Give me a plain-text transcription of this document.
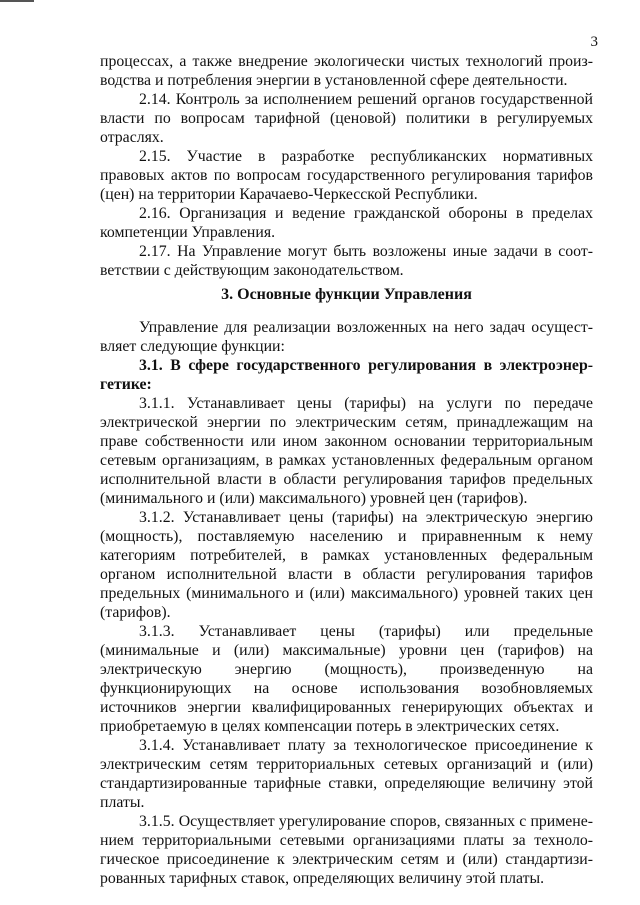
3

процессах, а также внедрение экологически чистых технологий производства и потребления энергии в установленной сфере деятельности.

2.14. Контроль за исполнением решений органов государственной власти по вопросам тарифной (ценовой) политики в регулируемых отраслях.

2.15. Участие в разработке республиканских нормативных правовых актов по вопросам государственного регулирования тарифов (цен) на территории Карачаево-Черкесской Республики.

2.16. Организация и ведение гражданской обороны в пределах компетенции Управления.

2.17. На Управление могут быть возложены иные задачи в соответствии с действующим законодательством.

3. Основные функции Управления

Управление для реализации возложенных на него задач осуществляет следующие функции:

3.1. В сфере государственного регулирования в электроэнергетике:

3.1.1. Устанавливает цены (тарифы) на услуги по передаче электрической энергии по электрическим сетям, принадлежащим на праве собственности или ином законном основании территориальным сетевым организациям, в рамках установленных федеральным органом исполнительной власти в области регулирования тарифов предельных (минимального и (или) максимального) уровней цен (тарифов).

3.1.2. Устанавливает цены (тарифы) на электрическую энергию (мощность), поставляемую населению и приравненным к нему категориям потребителей, в рамках установленных федеральным органом исполнительной власти в области регулирования тарифов предельных (минимального и (или) максимального) уровней таких цен (тарифов).

3.1.3. Устанавливает цены (тарифы) или предельные (минимальные и (или) максимальные) уровни цен (тарифов) на электрическую энергию (мощность), произведенную на функционирующих на основе использования возобновляемых источников энергии квалифицированных генерирующих объектах и приобретаемую в целях компенсации потерь в электрических сетях.

3.1.4. Устанавливает плату за технологическое присоединение к электрическим сетям территориальных сетевых организаций и (или) стандартизированные тарифные ставки, определяющие величину этой платы.

3.1.5. Осуществляет урегулирование споров, связанных с применением территориальными сетевыми организациями платы за технологическое присоединение к электрическим сетям и (или) стандартизированных тарифных ставок, определяющих величину этой платы.
